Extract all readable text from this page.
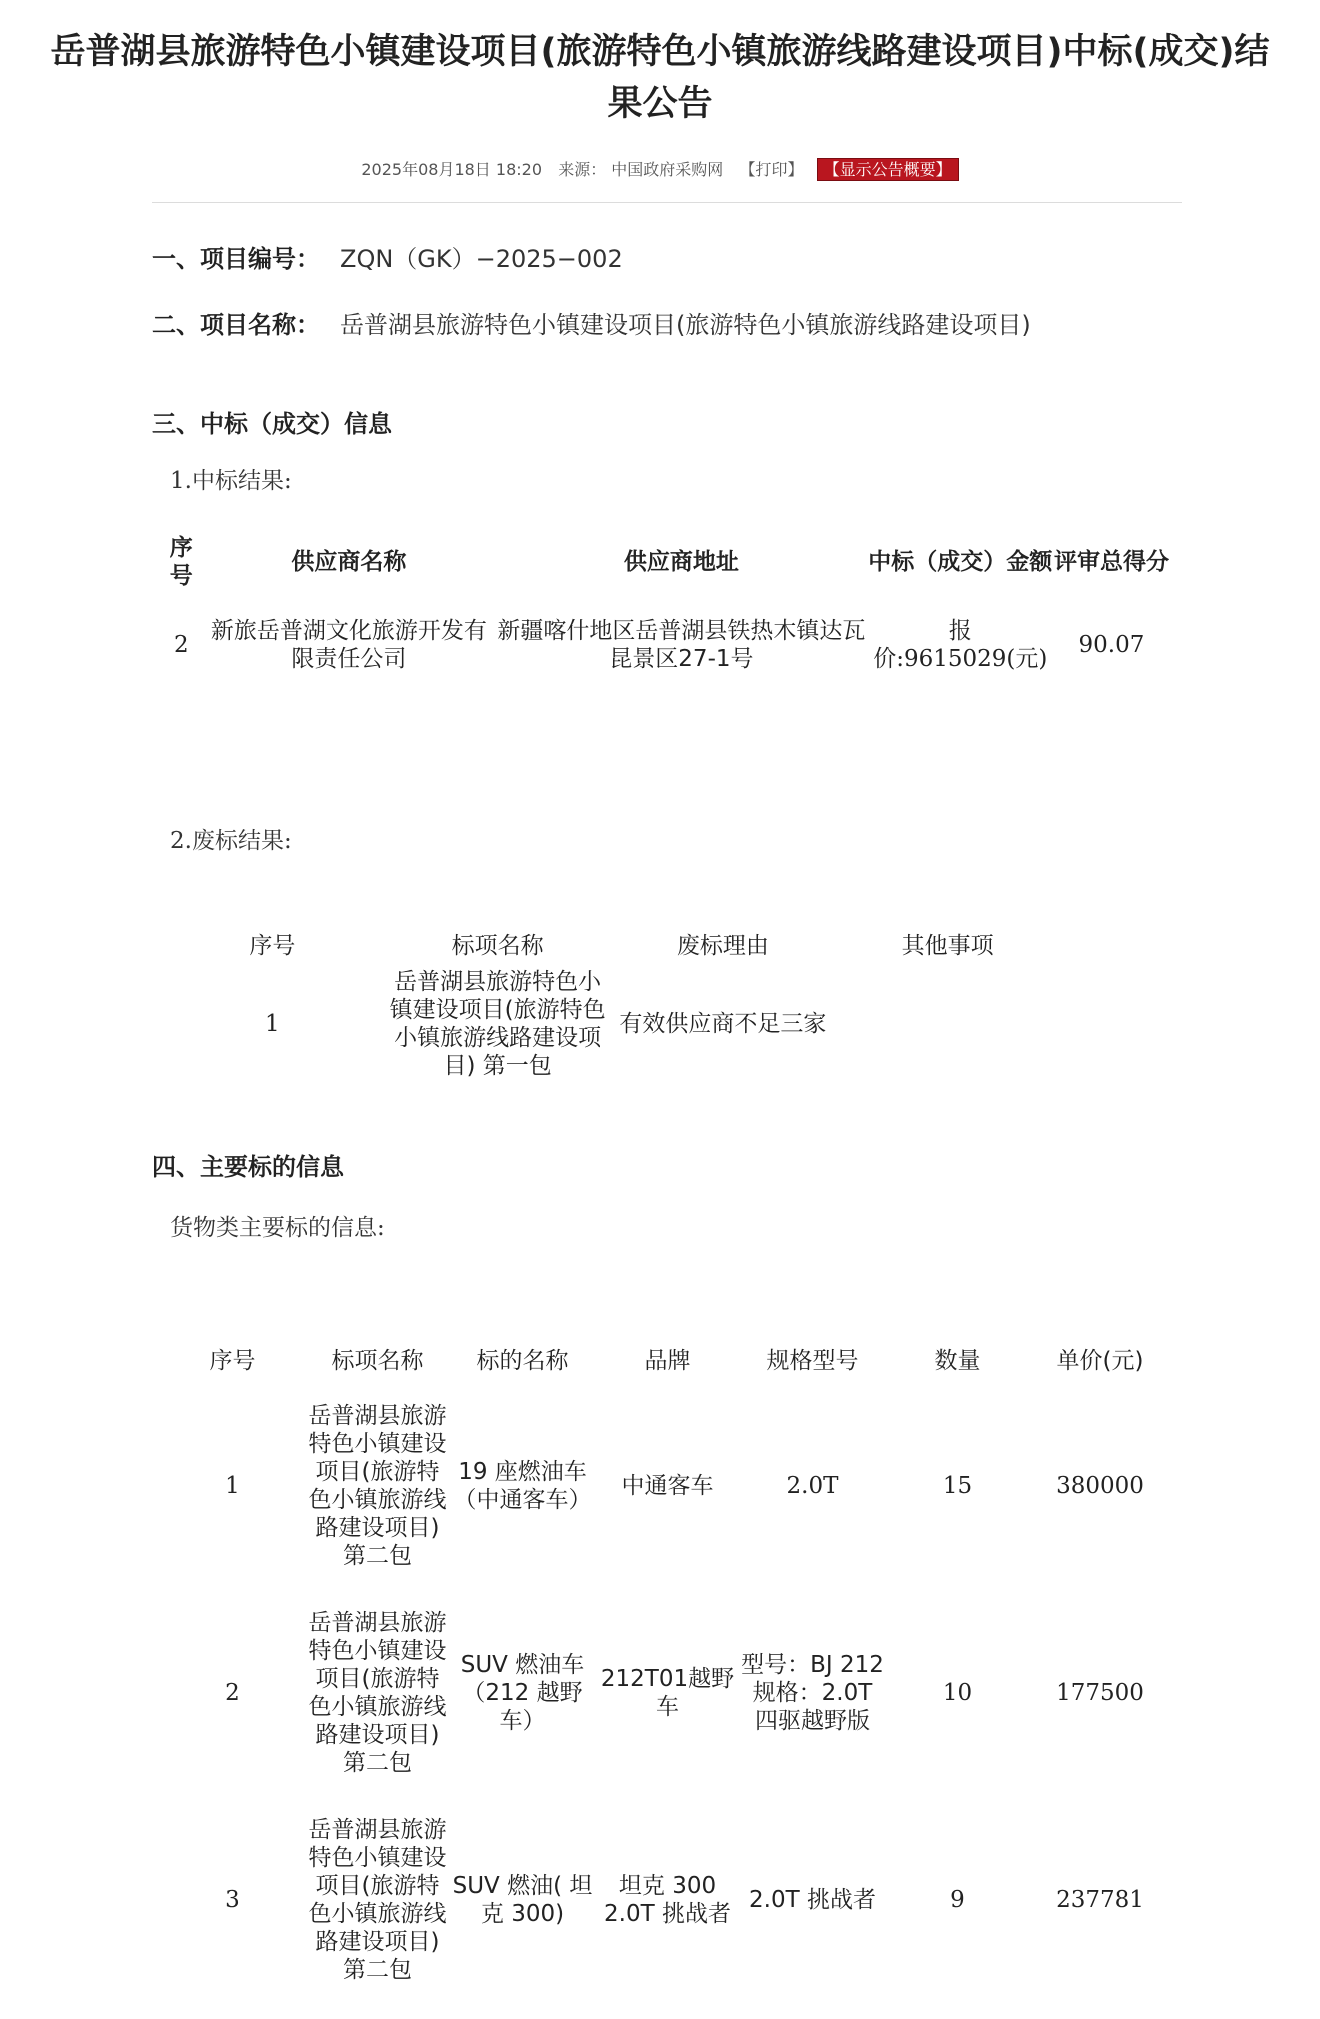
岳普湖县旅游特色小镇建设项目(旅游特色小镇旅游线路建设项目)中标(成交)结
果公告
2025年08月18日 18:20 来源： 中国政府采购网 【打印】 【显示公告概要】
一、项目编号： ZQN（GK）−2025−002
二、项目名称： 岳普湖县旅游特色小镇建设项目(旅游特色小镇旅游线路建设项目)
三、中标（成交）信息
1.中标结果:
序号	供应商名称	供应商地址	中标（成交）金额	评审总得分
2	新旅岳普湖文化旅游开发有限责任公司	新疆喀什地区岳普湖县铁热木镇达瓦昆景区27-1号	报价:9615029(元)	90.07
2.废标结果:
序号	标项名称	废标理由	其他事项
1	岳普湖县旅游特色小镇建设项目(旅游特色小镇旅游线路建设项目) 第一包	有效供应商不足三家	
四、主要标的信息
货物类主要标的信息:
序号	标项名称	标的名称	品牌	规格型号	数量	单价(元)
1	岳普湖县旅游特色小镇建设项目(旅游特色小镇旅游线路建设项目) 第二包	19 座燃油车 （中通客车）	中通客车	2.0T	15	380000
2	岳普湖县旅游特色小镇建设项目(旅游特色小镇旅游线路建设项目) 第二包	SUV 燃油车 （212 越野车）	212T01越野车	型号：BJ 212规格：2.0T 四驱越野版	10	177500
3	岳普湖县旅游特色小镇建设项目(旅游特色小镇旅游线路建设项目) 第二包	SUV 燃油( 坦 克 300)	坦克 300 2.0T 挑战者	2.0T 挑战者	9	237781
